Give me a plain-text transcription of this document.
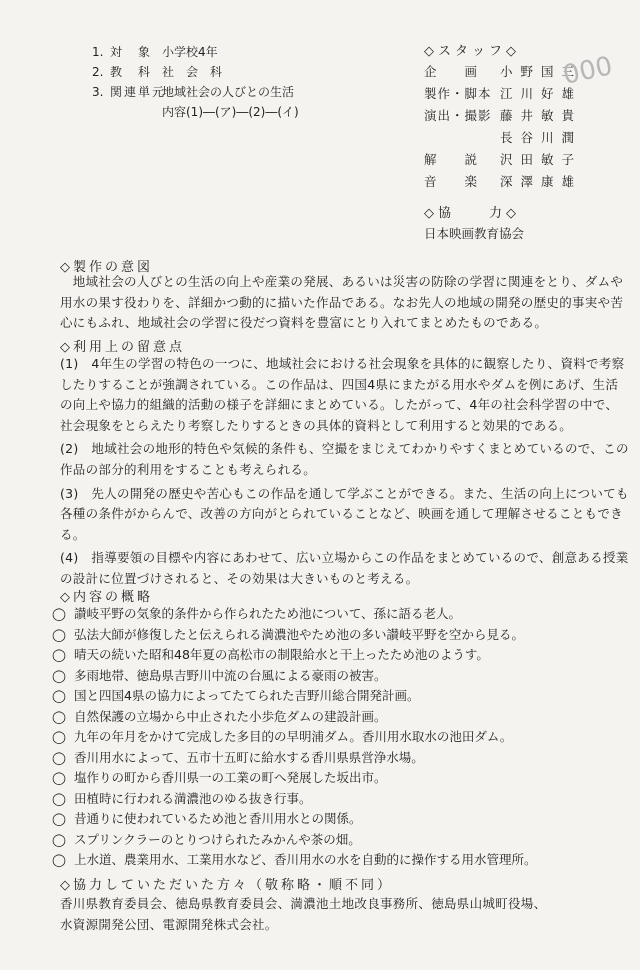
1. 対　象 小学校4年
2. 教　科 社　会　科
3. 関連単元地域社会の人びとの生活
内容(1)―(ア)―(2)―(イ)
◇スタッフ◇
企　　画 小野国三
製作・脚本 江川好雄
演出・撮影 藤井敏貴
長谷川潤
解　　説 沢田敏子
音　　楽 深澤康雄
◇協　　力◇
日本映画教育協会
000
◇製作の意図
　地域社会の人びとの生活の向上や産業の発展、あるいは災害の防除の学習に関連をとり、ダムや
用水の果す役わりを、詳細かつ動的に描いた作品である。なお先人の地域の開発の歴史的事実や苦
心にもふれ、地域社会の学習に役だつ資料を豊富にとり入れてまとめたものである。
◇利用上の留意点
(1)　4年生の学習の特色の一つに、地域社会における社会現象を具体的に観察したり、資料で考察
したりすることが強調されている。この作品は、四国4県にまたがる用水やダムを例にあげ、生活
の向上や協力的組織的活動の様子を詳細にまとめている。したがって、4年の社会科学習の中で、
社会現象をとらえたり考察したりするときの具体的資料として利用すると効果的である。
(2)　地域社会の地形的特色や気候的条件も、空撮をまじえてわかりやすくまとめているので、この
作品の部分的利用をすることも考えられる。
(3)　先人の開発の歴史や苦心もこの作品を通して学ぶことができる。また、生活の向上についても
各種の条件がからんで、改善の方向がとられていることなど、映画を通して理解させることもでき
る。
(4)　指導要領の目標や内容にあわせて、広い立場からこの作品をまとめているので、創意ある授業
の設計に位置づけされると、その効果は大きいものと考える。
◇内容の概略
◯ 讃岐平野の気象的条件から作られたため池について、孫に語る老人。
◯ 弘法大師が修復したと伝えられる満濃池やため池の多い讃岐平野を空から見る。
◯ 晴天の続いた昭和48年夏の高松市の制限給水と干上ったため池のようす。
◯ 多雨地帯、徳島県吉野川中流の台風による豪雨の被害。
◯ 国と四国4県の協力によってたてられた吉野川総合開発計画。
◯ 自然保護の立場から中止された小歩危ダムの建設計画。
◯ 九年の年月をかけて完成した多目的の早明浦ダム。香川用水取水の池田ダム。
◯ 香川用水によって、五市十五町に給水する香川県県営浄水場。
◯ 塩作りの町から香川県一の工業の町へ発展した坂出市。
◯ 田植時に行われる満濃池のゆる抜き行事。
◯ 昔通りに使われているため池と香川用水との関係。
◯ スプリンクラーのとりつけられたみかんや茶の畑。
◯ 上水道、農業用水、工業用水など、香川用水の水を自動的に操作する用水管理所。
◇協力していただいた方々（敬称略・順不同）
香川県教育委員会、徳島県教育委員会、満濃池土地改良事務所、徳島県山城町役場、
水資源開発公団、電源開発株式会社。
